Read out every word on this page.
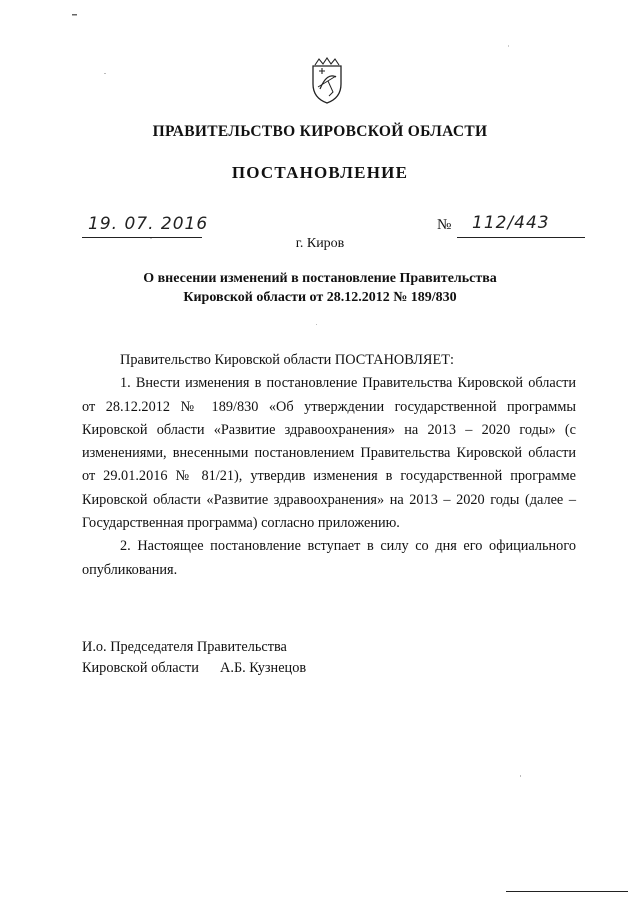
ПРАВИТЕЛЬСТВО КИРОВСКОЙ ОБЛАСТИ
ПОСТАНОВЛЕНИЕ
19. 07. 2016	№ 112/443
г. Киров
О внесении изменений в постановление Правительства
Кировской области от 28.12.2012 № 189/830
Правительство Кировской области ПОСТАНОВЛЯЕТ:
1. Внести изменения в постановление Правительства Кировской области от 28.12.2012 № 189/830 «Об утверждении государственной программы Кировской области «Развитие здравоохранения» на 2013 – 2020 годы» (с изменениями, внесенными постановлением Правительства Кировской области от 29.01.2016 № 81/21), утвердив изменения в государственной программе Кировской области «Развитие здравоохранения» на 2013 – 2020 годы (далее – Государственная программа) согласно приложению.
2. Настоящее постановление вступает в силу со дня его официального опубликования.
И.о. Председателя Правительства
Кировской области А.Б. Кузнецов
